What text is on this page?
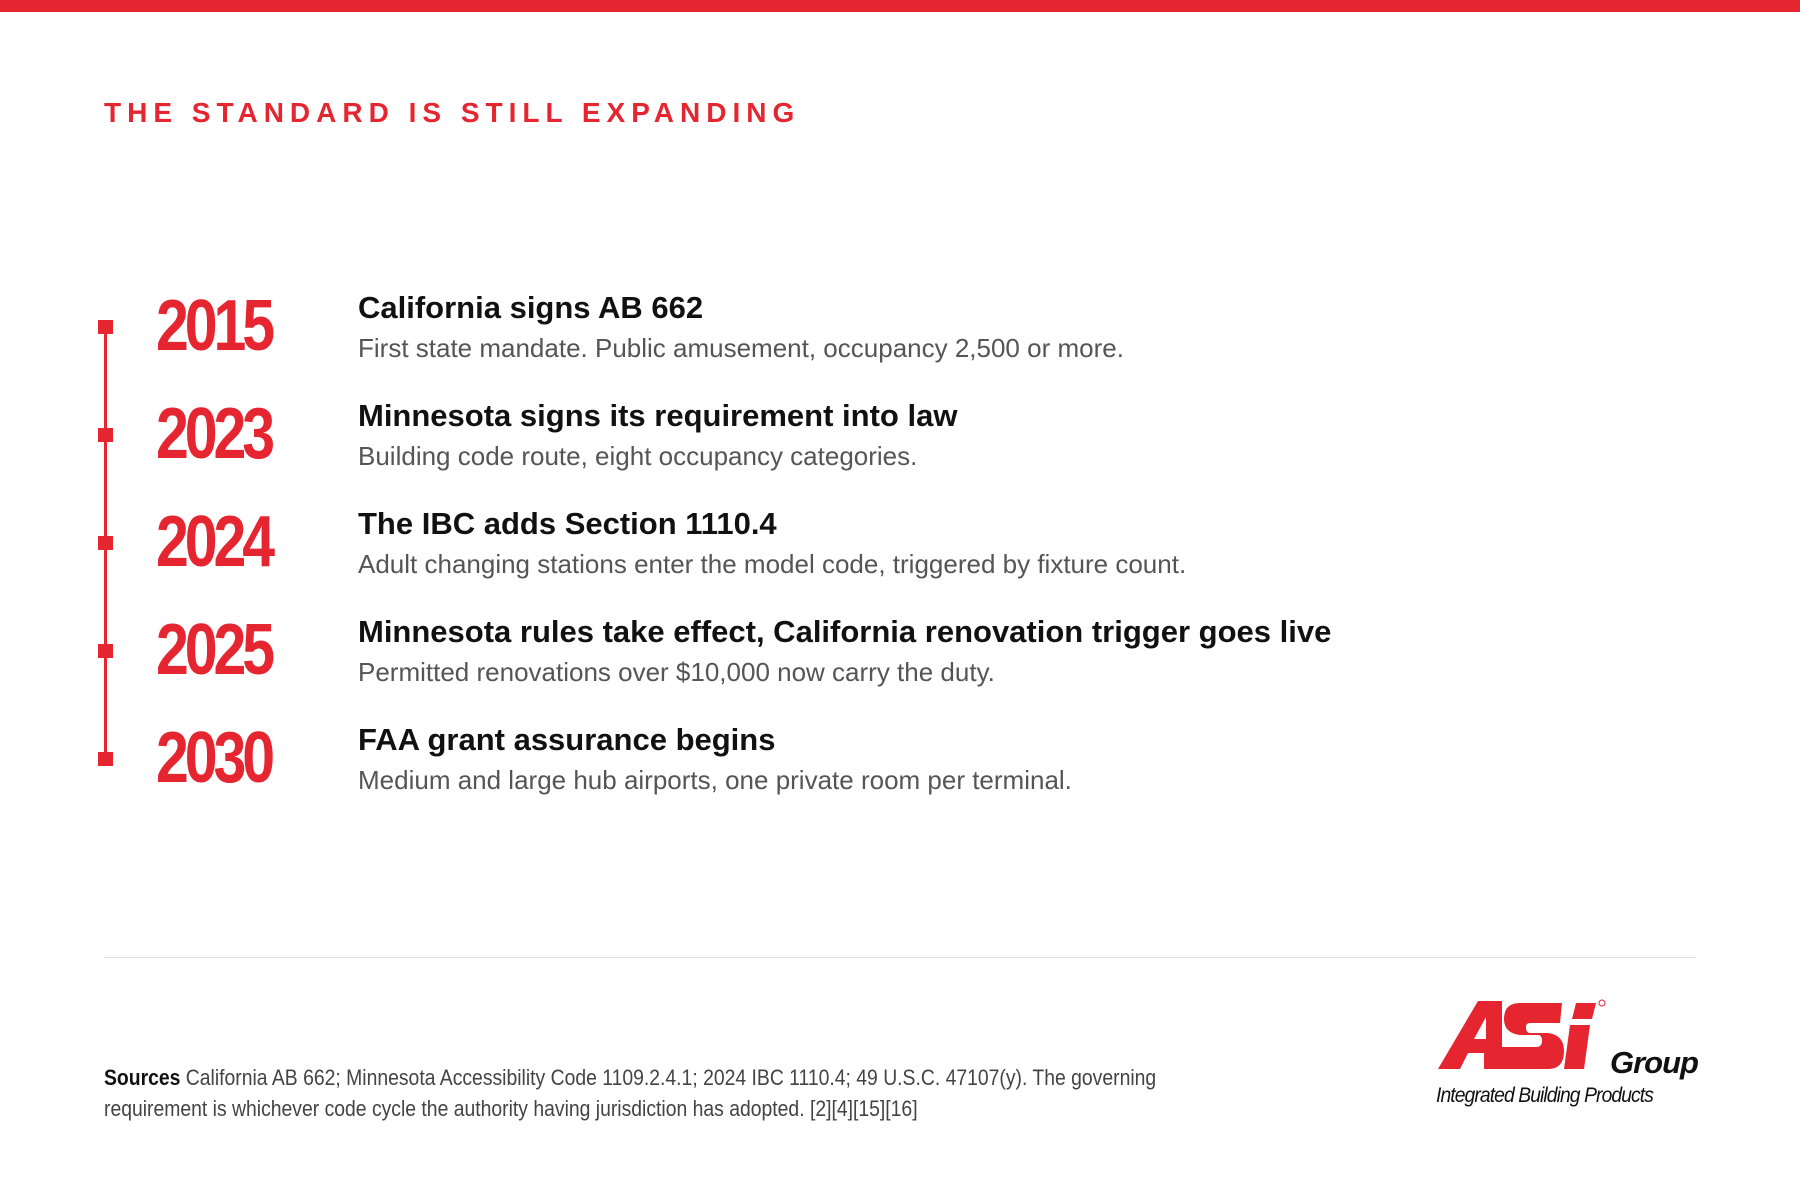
THE STANDARD IS STILL EXPANDING
2015	California signs AB 662
First state mandate. Public amusement, occupancy 2,500 or more.
2023	Minnesota signs its requirement into law
Building code route, eight occupancy categories.
2024	The IBC adds Section 1110.4
Adult changing stations enter the model code, triggered by fixture count.
2025	Minnesota rules take effect, California renovation trigger goes live
Permitted renovations over $10,000 now carry the duty.
2030	FAA grant assurance begins
Medium and large hub airports, one private room per terminal.
Sources California AB 662; Minnesota Accessibility Code 1109.2.4.1; 2024 IBC 1110.4; 49 U.S.C. 47107(y). The governing requirement is whichever code cycle the authority having jurisdiction has adopted. [2][4][15][16]
Group
Integrated Building Products
